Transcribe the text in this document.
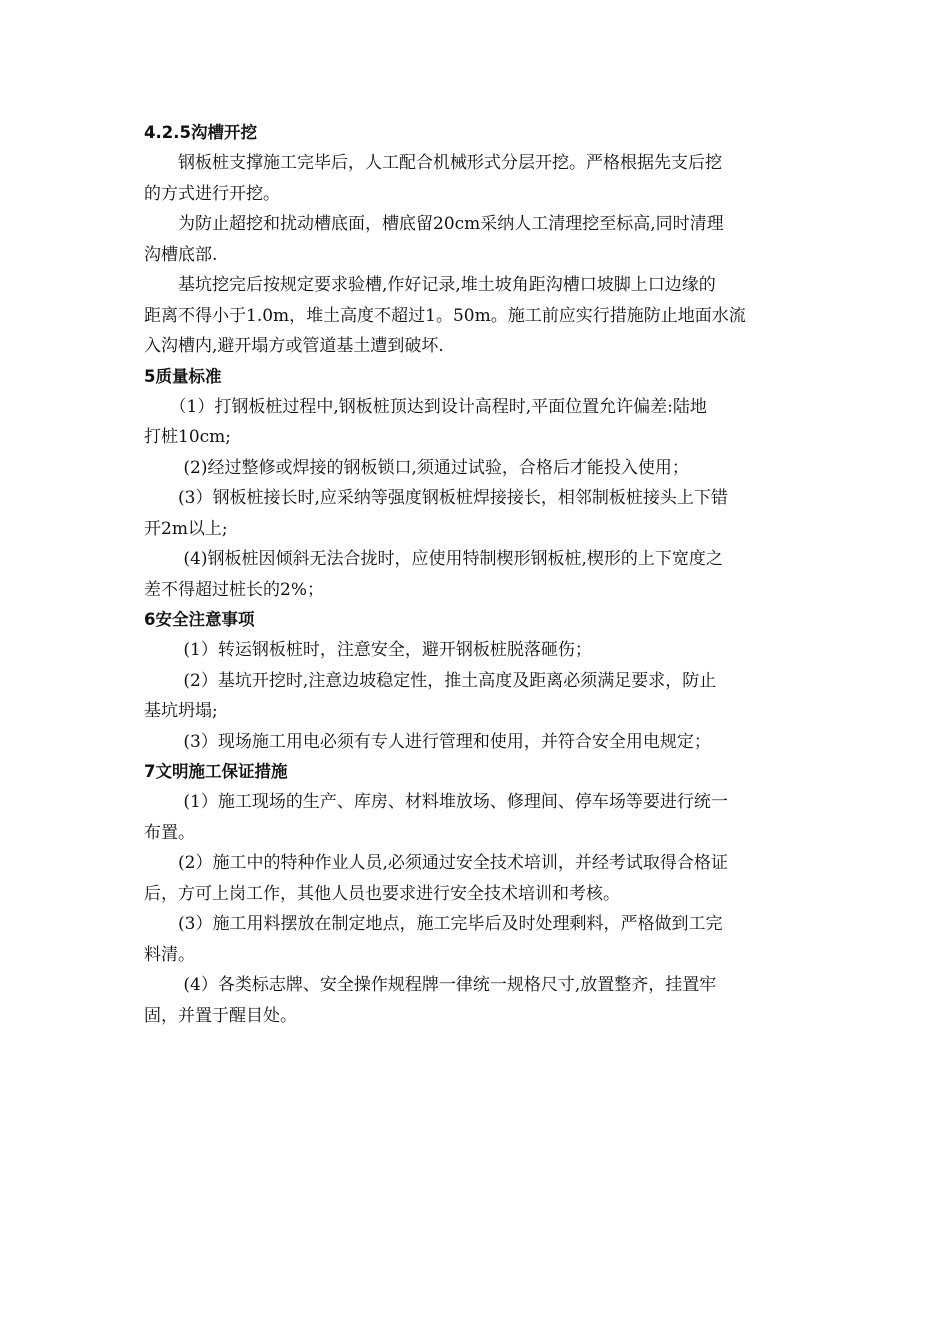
4.2.5沟槽开挖

　　钢板桩支撑施工完毕后，人工配合机械形式分层开挖。严格根据先支后挖
的方式进行开挖。

　　为防止超挖和扰动槽底面，槽底留20cm采纳人工清理挖至标高,同时清理
沟槽底部.

　　基坑挖完后按规定要求验槽,作好记录,堆土坡角距沟槽口坡脚上口边缘的
距离不得小于1.0m，堆土高度不超过1。50m。施工前应实行措施防止地面水流
入沟槽内,避开塌方或管道基土遭到破坏.

5质量标准

　　（1）打钢板桩过程中,钢板桩顶达到设计高程时,平面位置允许偏差:陆地
打桩10cm;

　　 (2)经过整修或焊接的钢板锁口,须通过试验，合格后才能投入使用；

　　(3）钢板桩接长时,应采纳等强度钢板桩焊接接长，相邻制板桩接头上下错
开2m以上;

　　 (4)钢板桩因倾斜无法合拢时，应使用特制楔形钢板桩,楔形的上下宽度之
差不得超过桩长的2%；

6安全注意事项

　　 (1）转运钢板桩时，注意安全，避开钢板桩脱落砸伤；

　　 (2）基坑开挖时,注意边坡稳定性，推土高度及距离必须满足要求，防止
基坑坍塌;

　　 (3）现场施工用电必须有专人进行管理和使用，并符合安全用电规定；

7文明施工保证措施

　　 (1）施工现场的生产、库房、材料堆放场、修理间、停车场等要进行统一
布置。

　　(2）施工中的特种作业人员,必须通过安全技术培训，并经考试取得合格证
后，方可上岗工作，其他人员也要求进行安全技术培训和考核。

　　(3）施工用料摆放在制定地点，施工完毕后及时处理剩料，严格做到工完
料清。

　　 (4）各类标志牌、安全操作规程牌一律统一规格尺寸,放置整齐，挂置牢
固，并置于醒目处。
